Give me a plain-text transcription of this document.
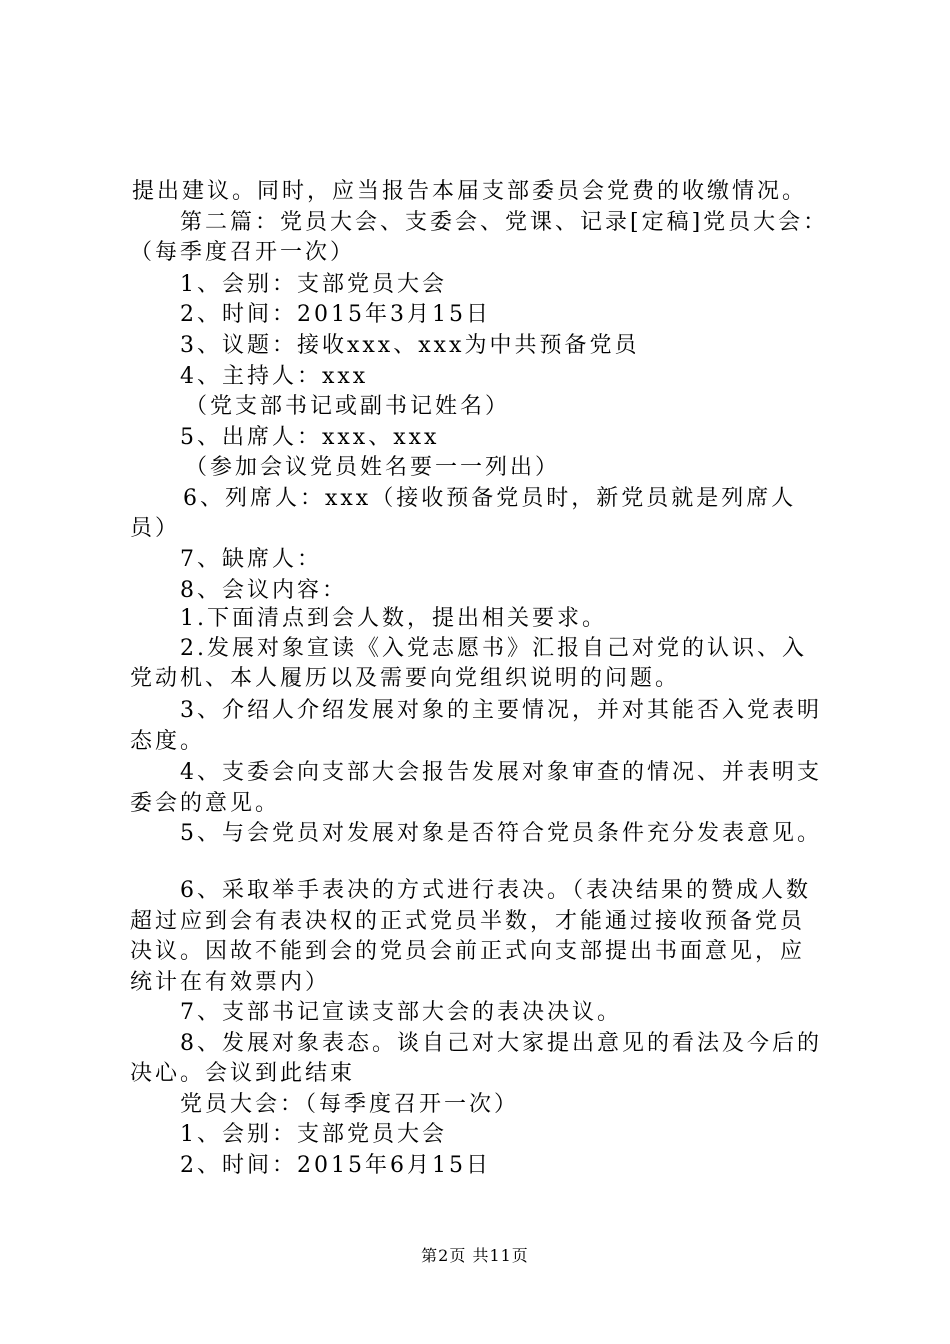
提出建议。同时，应当报告本届支部委员会党费的收缴情况。
第二篇：党员大会、支委会、党课、记录[定稿]党员大会：
（每季度召开一次）
1、会别：支部党员大会
2、时间：2015年3月15日
3、议题：接收xxx、xxx为中共预备党员
4、主持人：xxx
（党支部书记或副书记姓名）
5、出席人：xxx、xxx
（参加会议党员姓名要一一列出）
6、列席人：xxx（接收预备党员时，新党员就是列席人
员）
7、缺席人：
8、会议内容：
1.下面清点到会人数，提出相关要求。
2.发展对象宣读《入党志愿书》汇报自己对党的认识、入
党动机、本人履历以及需要向党组织说明的问题。
3、介绍人介绍发展对象的主要情况，并对其能否入党表明
态度。
4、支委会向支部大会报告发展对象审查的情况、并表明支
委会的意见。
5、与会党员对发展对象是否符合党员条件充分发表意见。
6、采取举手表决的方式进行表决。（表决结果的赞成人数
超过应到会有表决权的正式党员半数，才能通过接收预备党员
决议。因故不能到会的党员会前正式向支部提出书面意见，应
统计在有效票内）
7、支部书记宣读支部大会的表决决议。
8、发展对象表态。谈自己对大家提出意见的看法及今后的
决心。会议到此结束
党员大会：（每季度召开一次）
1、会别：支部党员大会
2、时间：2015年6月15日
第2页 共11页
